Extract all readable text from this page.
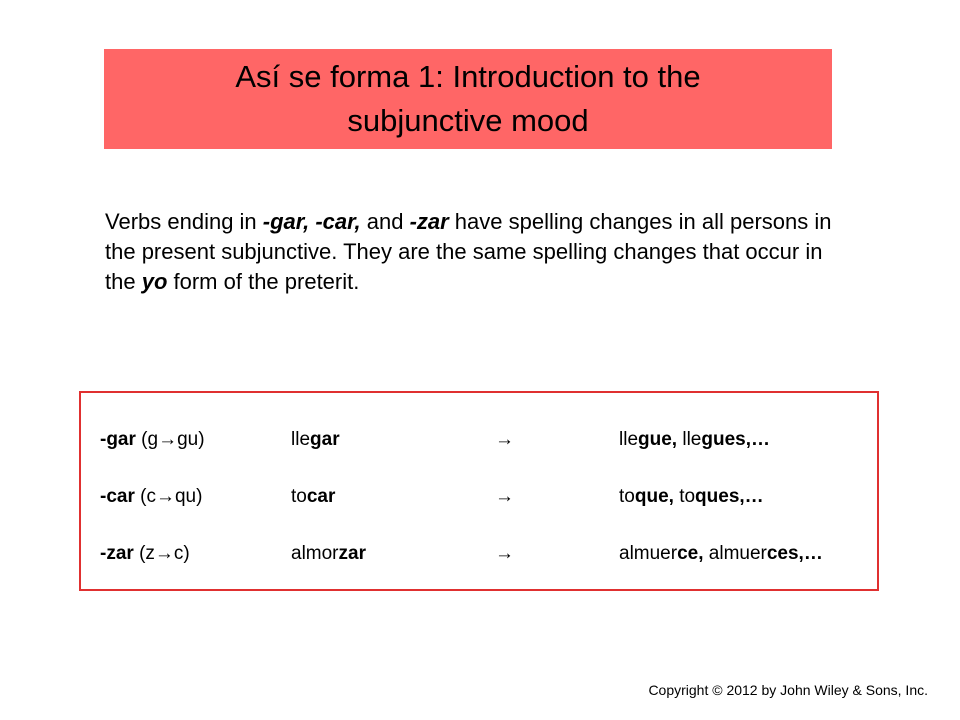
Así se forma 1: Introduction to the
subjunctive mood
Verbs ending in -gar, -car, and -zar have spelling changes in all persons in the present subjunctive. They are the same spelling changes that occur in the yo form of the preterit.
-gar (g→gu)	llegar	→	llegue, llegues,…
-car (c→qu)	tocar	→	toque, toques,…
-zar (z→c)	almorzar	→	almuerce, almuerces,…
Copyright © 2012 by John Wiley & Sons, Inc.
